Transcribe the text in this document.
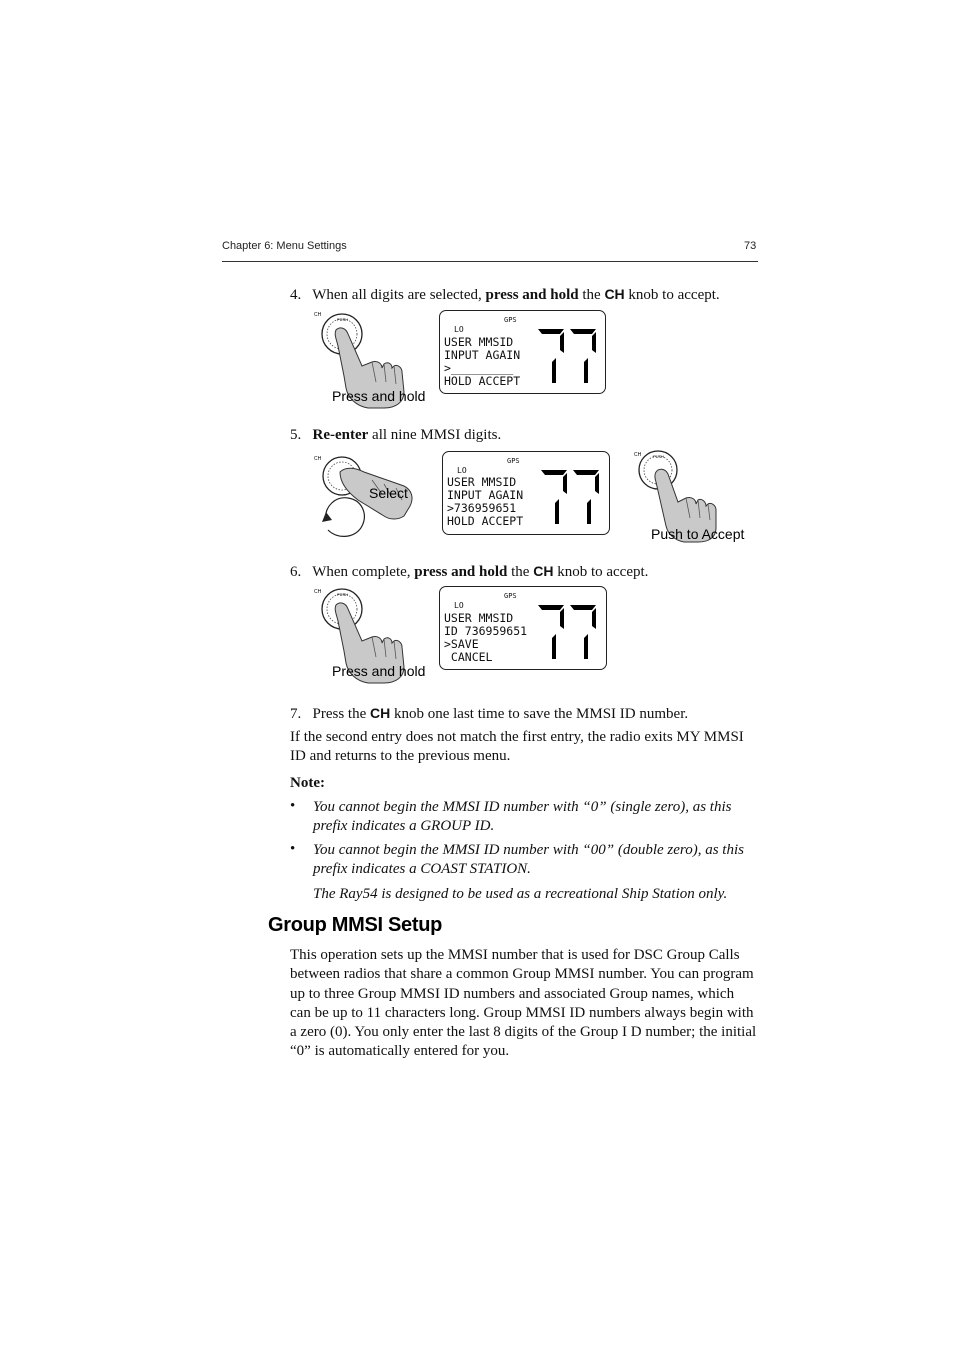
Chapter 6: Menu Settings	73
4. When all digits are selected, press and hold the CH knob to accept.
CH
PUSH
Press and hold
LO
GPS
USER MMSID
INPUT AGAIN
>_________
HOLD ACCEPT
5. Re-enter all nine MMSI digits.
CH
Select
LO
GPS
USER MMSID
INPUT AGAIN
>736959651
HOLD ACCEPT
CH	PUSH
Push to Accept
6. When complete, press and hold the CH knob to accept.
CH	PUSH
Press and hold
LO
GPS
USER MMSID
ID 736959651
>SAVE
CANCEL
7. Press the CH knob one last time to save the MMSI ID number.
If the second entry does not match the first entry, the radio exits MY MMSI ID and returns to the previous menu.
Note:
• You cannot begin the MMSI ID number with “0” (single zero), as this prefix indicates a GROUP ID.
• You cannot begin the MMSI ID number with “00” (double zero), as this prefix indicates a COAST STATION.
The Ray54 is designed to be used as a recreational Ship Station only.
Group MMSI Setup
This operation sets up the MMSI number that is used for DSC Group Calls between radios that share a common Group MMSI number. You can program up to three Group MMSI ID numbers and associated Group names, which can be up to 11 characters long. Group MMSI ID numbers always begin with a zero (0). You only enter the last 8 digits of the Group I D number; the initial “0” is automatically entered for you.
